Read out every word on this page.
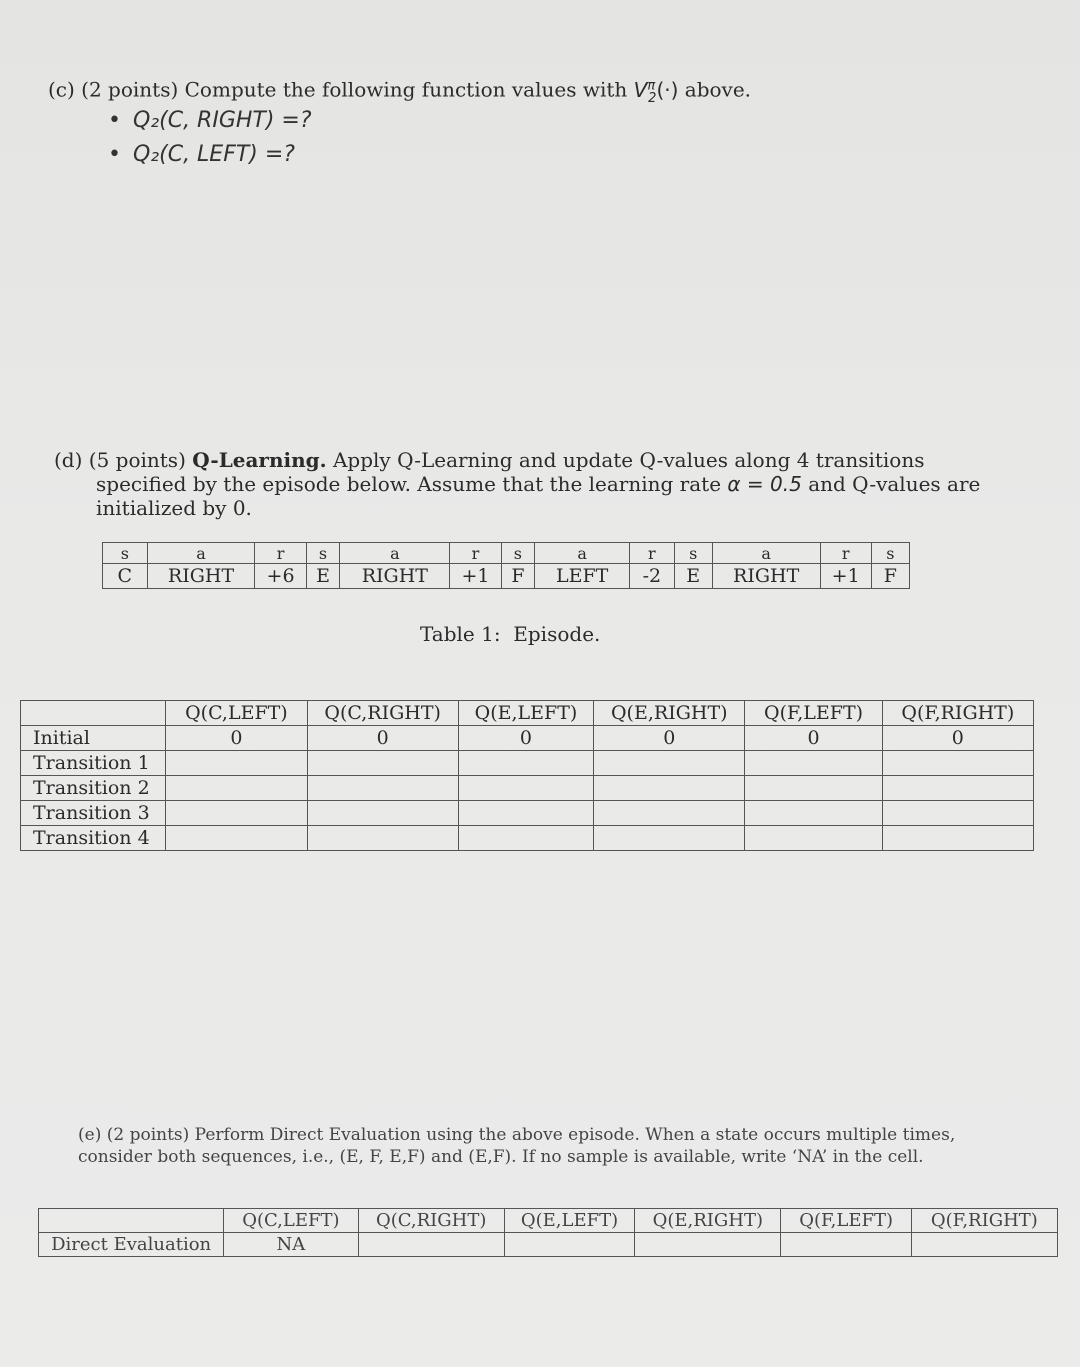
(c) (2 points) Compute the following function values with $V^\pi_2(\cdot)$ above.
• Q₂(C, RIGHT) =?
• Q₂(C, LEFT) =?
(d) (5 points) Q-Learning. Apply Q-Learning and update Q-values along 4 transitions specified by the episode below. Assume that the learning rate α = 0.5 and Q-values are initialized by 0.
s	a	r	s	a	r	s	a	r	s	a	r	s
C	RIGHT	+6	E	RIGHT	+1	F	LEFT	-2	E	RIGHT	+1	F
Table 1:  Episode.
	Q(C,LEFT)	Q(C,RIGHT)	Q(E,LEFT)	Q(E,RIGHT)	Q(F,LEFT)	Q(F,RIGHT)
Initial	0	0	0	0	0	0
Transition 1						
Transition 2						
Transition 3						
Transition 4						
(e) (2 points) Perform Direct Evaluation using the above episode. When a state occurs multiple times, consider both sequences, i.e., (E, F, E,F) and (E,F). If no sample is available, write ‘NA’ in the cell.
	Q(C,LEFT)	Q(C,RIGHT)	Q(E,LEFT)	Q(E,RIGHT)	Q(F,LEFT)	Q(F,RIGHT)
Direct Evaluation	NA					
